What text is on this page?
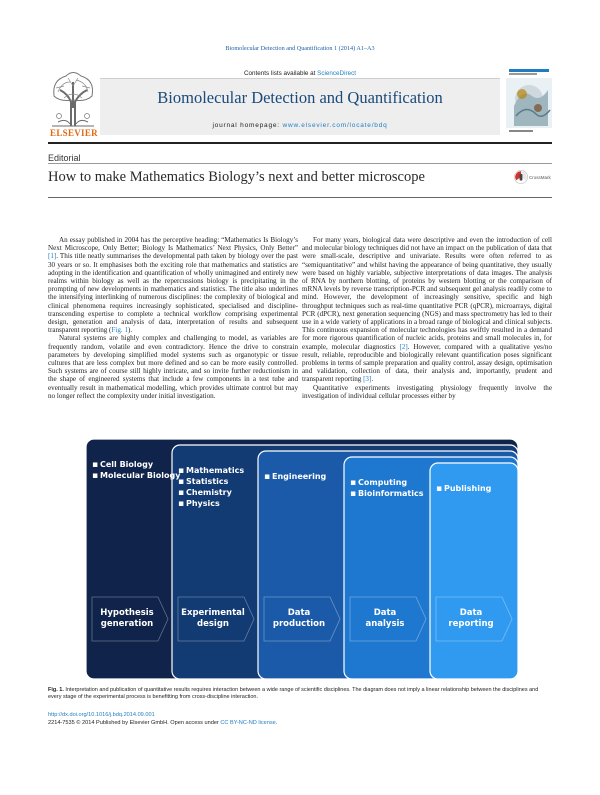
Biomolecular Detection and Quantification 1 (2014) A1–A3
Contents lists available at ScienceDirect
Biomolecular Detection and Quantification
journal homepage: www.elsevier.com/locate/bdq
ELSEVIER
Editorial
How to make Mathematics Biology’s next and better microscope	CrossMark

An essay published in 2004 has the perceptive heading: “Mathematics Is Biology’s Next Microscope, Only Better; Biology Is Mathematics’ Next Physics, Only Better” [1]. This title neatly summarises the developmental path taken by biology over the past 30 years or so. It emphasises both the exciting role that mathematics and statistics are adopting in the identification and quantification of wholly unimagined and entirely new realms within biology as well as the repercussions biology is precipitating in the prompting of new developments in mathematics and statistics. The title also underlines the intensifying interlinking of numerous disciplines: the complexity of biological and clinical phenomena requires increasingly sophisticated, specialised and discipline-transcending expertise to complete a technical workflow comprising experimental design, generation and analysis of data, interpretation of results and subsequent transparent reporting (Fig. 1).

Natural systems are highly complex and challenging to model, as variables are frequently random, volatile and even contradictory. Hence the drive to constrain parameters by developing simplified model systems such as organotypic or tissue cultures that are less complex but more defined and so can be more easily controlled. Such systems are of course still highly intricate, and so invite further reductionism in the shape of engineered systems that include a few components in a test tube and eventually result in mathematical modelling, which provides ultimate control but may no longer reflect the complexity under initial investigation.

For many years, biological data were descriptive and even the introduction of cell and molecular biology techniques did not have an impact on the publication of data that were small-scale, descriptive and univariate. Results were often referred to as “semiquantitative” and whilst having the appearance of being quantitative, they usually were based on highly variable, subjective interpretations of data images. The analysis of RNA by northern blotting, of proteins by western blotting or the comparison of mRNA levels by reverse transcription-PCR and subsequent gel analysis readily come to mind. However, the development of increasingly sensitive, specific and high throughput techniques such as real-time quantitative PCR (qPCR), microarrays, digital PCR (dPCR), next generation sequencing (NGS) and mass spectrometry has led to their use in a wide variety of applications in a broad range of biological and clinical subjects. This continuous expansion of molecular technologies has swiftly resulted in a demand for more rigorous quantification of nucleic acids, proteins and small molecules in, for example, molecular diagnostics [2]. However, compared with a qualitative yes/no result, reliable, reproducible and biologically relevant quantification poses significant problems in terms of sample preparation and quality control, assay design, optimisation and validation, collection of data, their analysis and, importantly, prudent and transparent reporting [3].

Quantitative experiments investigating physiology frequently involve the investigation of individual cellular processes either by

▪ Cell Biology
▪ Molecular Biology
Hypothesis
generation
▪ Mathematics
▪ Statistics
▪ Chemistry
▪ Physics
Experimental
design
▪ Engineering
Data
production
▪ Computing
▪ Bioinformatics
Data
analysis
▪ Publishing
Data
reporting
Fig. 1. Interpretation and publication of quantitative results requires interaction between a wide range of scientific disciplines. The diagram does not imply a linear relationship between the disciplines and every stage of the experimental process is benefitting from cross-discipline interaction.
http://dx.doi.org/10.1016/j.bdq.2014.09.001
2214-7535 © 2014 Published by Elsevier GmbH. Open access under CC BY-NC-ND license.
